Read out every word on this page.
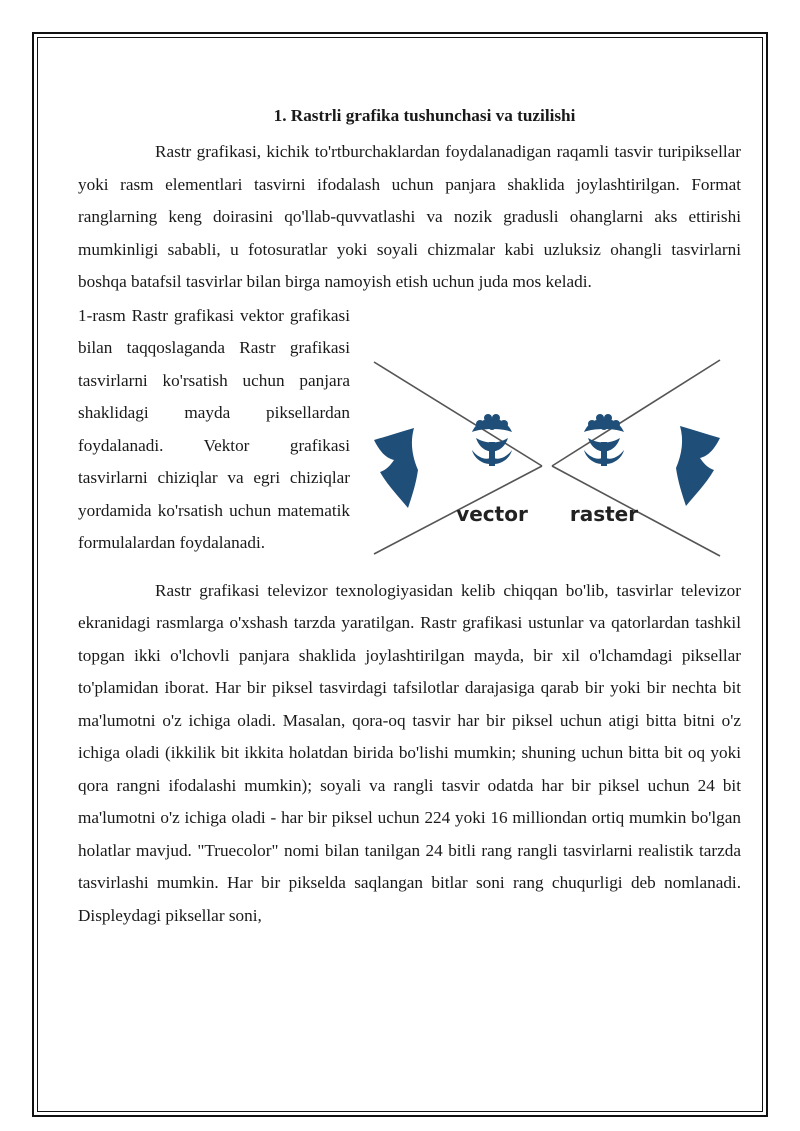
1. Rastrli grafika tushunchasi va tuzilishi

Rastr grafikasi, kichik to'rtburchaklardan foydalanadigan raqamli tasvir turipiksellar yoki rasm elementlari tasvirni ifodalash uchun panjara shaklida joylashtirilgan. Format ranglarning keng doirasini qo'llab-quvvatlashi va nozik gradusli ohanglarni aks ettirishi mumkinligi sababli, u fotosuratlar yoki soyali chizmalar kabi uzluksiz ohangli tasvirlarni boshqa batafsil tasvirlar bilan birga namoyish etish uchun juda mos keladi.

1-rasm Rastr grafikasi vektor grafikasi bilan taqqoslaganda Rastr grafikasi tasvirlarni ko'rsatish uchun panjara shaklidagi mayda piksellardan foydalanadi. Vektor grafikasi tasvirlarni chiziqlar va egri chiziqlar yordamida ko'rsatish uchun matematik formulalardan foydalanadi.

vector raster

Rastr grafikasi televizor texnologiyasidan kelib chiqqan bo'lib, tasvirlar televizor ekranidagi rasmlarga o'xshash tarzda yaratilgan. Rastr grafikasi ustunlar va qatorlardan tashkil topgan ikki o'lchovli panjara shaklida joylashtirilgan mayda, bir xil o'lchamdagi piksellar to'plamidan iborat. Har bir piksel tasvirdagi tafsilotlar darajasiga qarab bir yoki bir nechta bit ma'lumotni o'z ichiga oladi. Masalan, qora-oq tasvir har bir piksel uchun atigi bitta bitni o'z ichiga oladi (ikkilik bit ikkita holatdan birida bo'lishi mumkin; shuning uchun bitta bit oq yoki qora rangni ifodalashi mumkin); soyali va rangli tasvir odatda har bir piksel uchun 24 bit ma'lumotni o'z ichiga oladi - har bir piksel uchun 224 yoki 16 milliondan ortiq mumkin bo'lgan holatlar mavjud. "Truecolor" nomi bilan tanilgan 24 bitli rang rangli tasvirlarni realistik tarzda tasvirlashi mumkin. Har bir pikselda saqlangan bitlar soni rang chuqurligi deb nomlanadi. Displeydagi piksellar soni,
